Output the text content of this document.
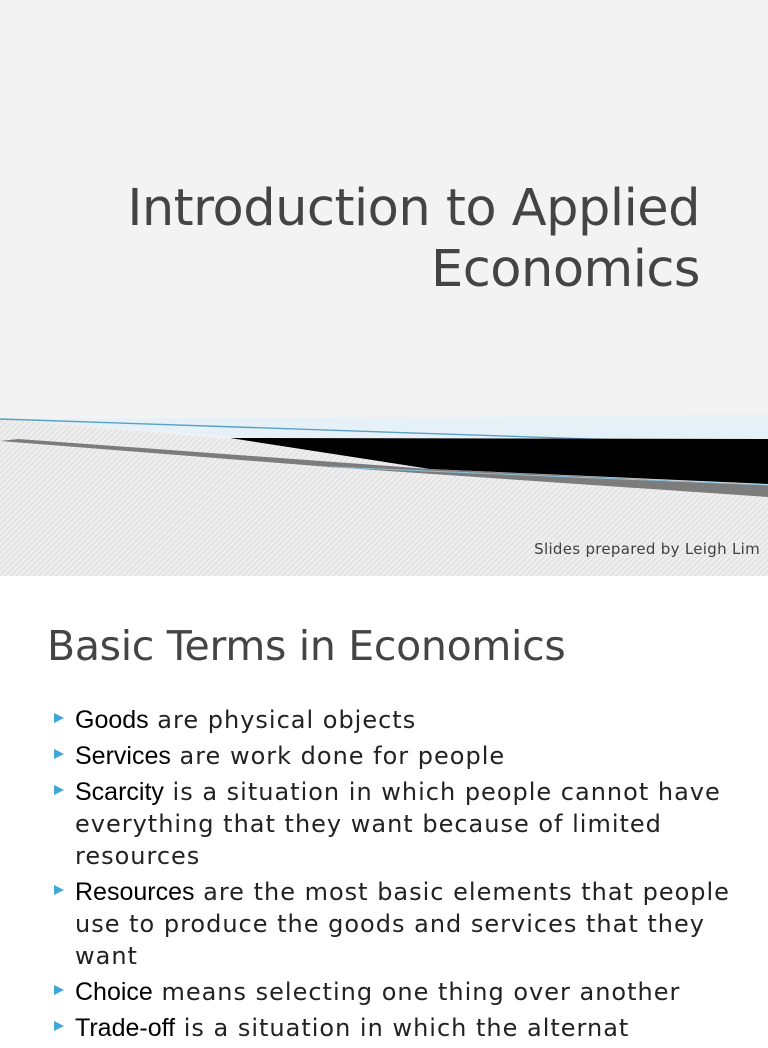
Introduction to Applied
Economics
Slides prepared by Leigh Lim
Basic Terms in Economics
Goods are physical objects
Services are work done for people
Scarcity is a situation in which people cannot have everything that they want because of limited resources
Resources are the most basic elements that people use to produce the goods and services that they want
Choice means selecting one thing over another
Trade-off is a situation in which the alternat
